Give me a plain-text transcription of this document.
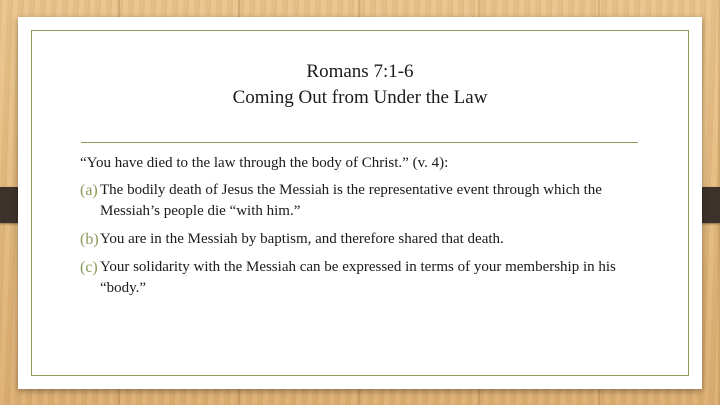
Romans 7:1-6
Coming Out from Under the Law

“You have died to the law through the body of Christ.” (v. 4):

(a) The bodily death of Jesus the Messiah is the representative event through which the Messiah’s people die “with him.”
(b) You are in the Messiah by baptism, and therefore shared that death.
(c) Your solidarity with the Messiah can be expressed in terms of your membership in his “body.”
